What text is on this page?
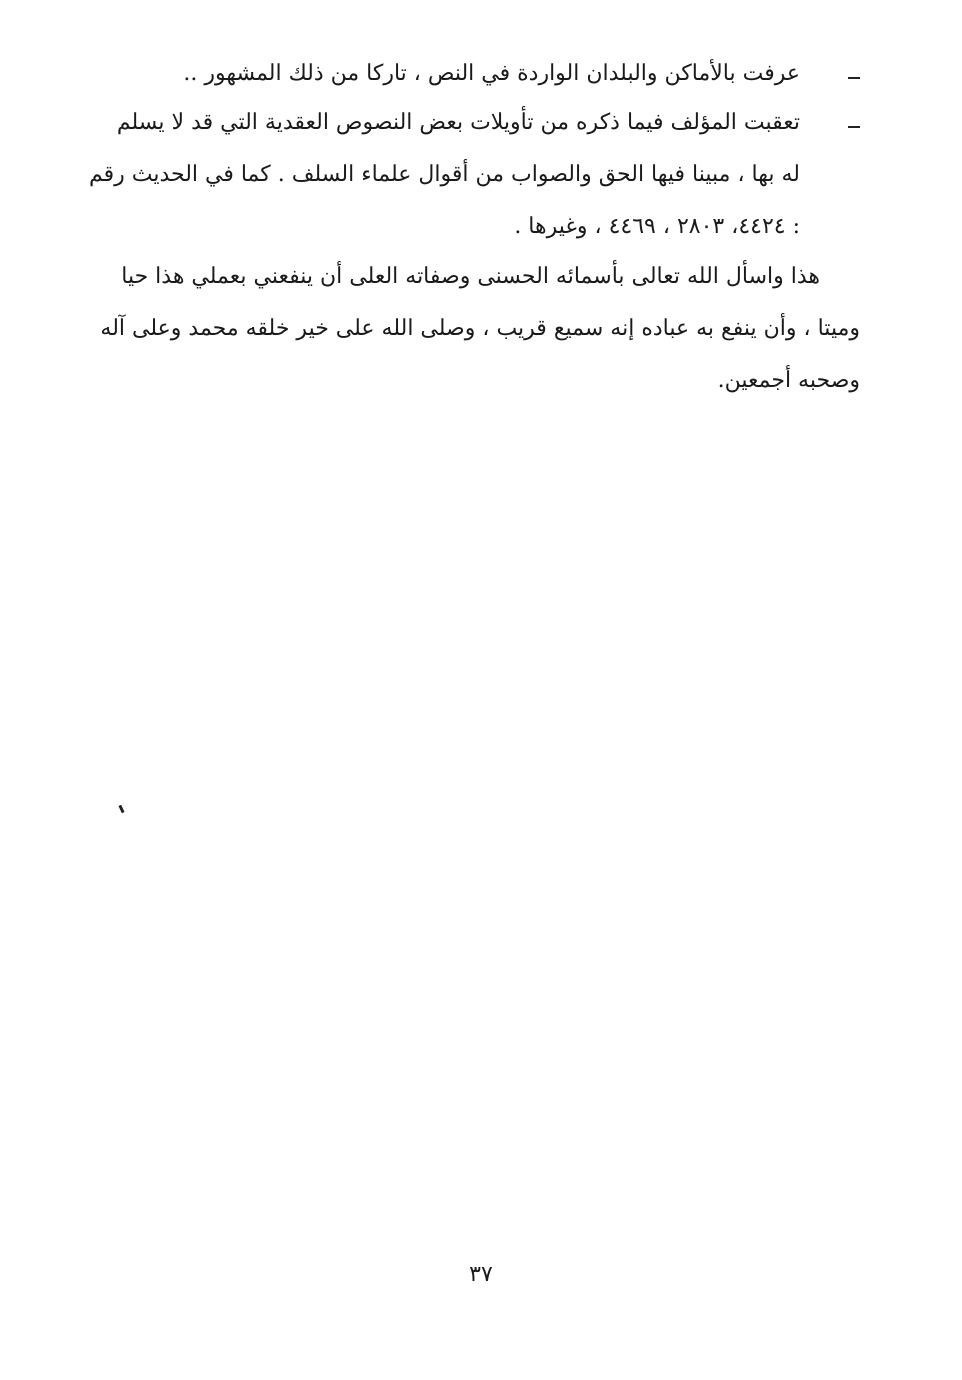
عرفت بالأماكن والبلدان الواردة في النص ، تاركا من ذلك المشهور ..
تعقبت المؤلف فيما ذكره من تأويلات بعض النصوص العقدية التي قد لا يسلم
له بها ، مبينا فيها الحق والصواب من أقوال علماء السلف . كما في الحديث رقم
: ٤٤٢٤، ٢٨٠٣ ، ٤٤٦٩ ، وغيرها .
هذا واسأل الله تعالى بأسمائه الحسنى وصفاته العلى أن ينفعني بعملي هذا حيا
وميتا ، وأن ينفع به عباده إنه سميع قريب ، وصلى الله على خير خلقه محمد وعلى آله
وصحبه أجمعين.
٣٧
